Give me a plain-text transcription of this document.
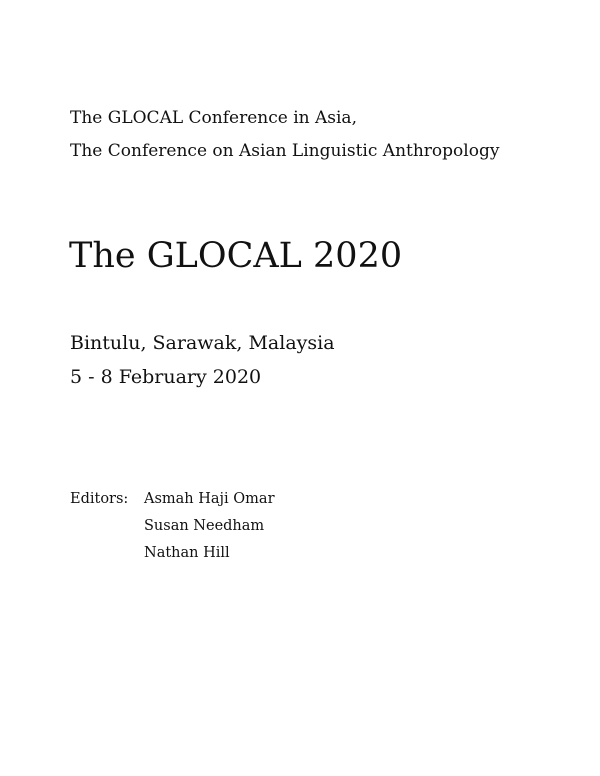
The GLOCAL Conference in Asia,
The Conference on Asian Linguistic Anthropology
The GLOCAL 2020
Bintulu, Sarawak, Malaysia
5 - 8 February 2020
Editors:	Asmah Haji Omar
Susan Needham
Nathan Hill
